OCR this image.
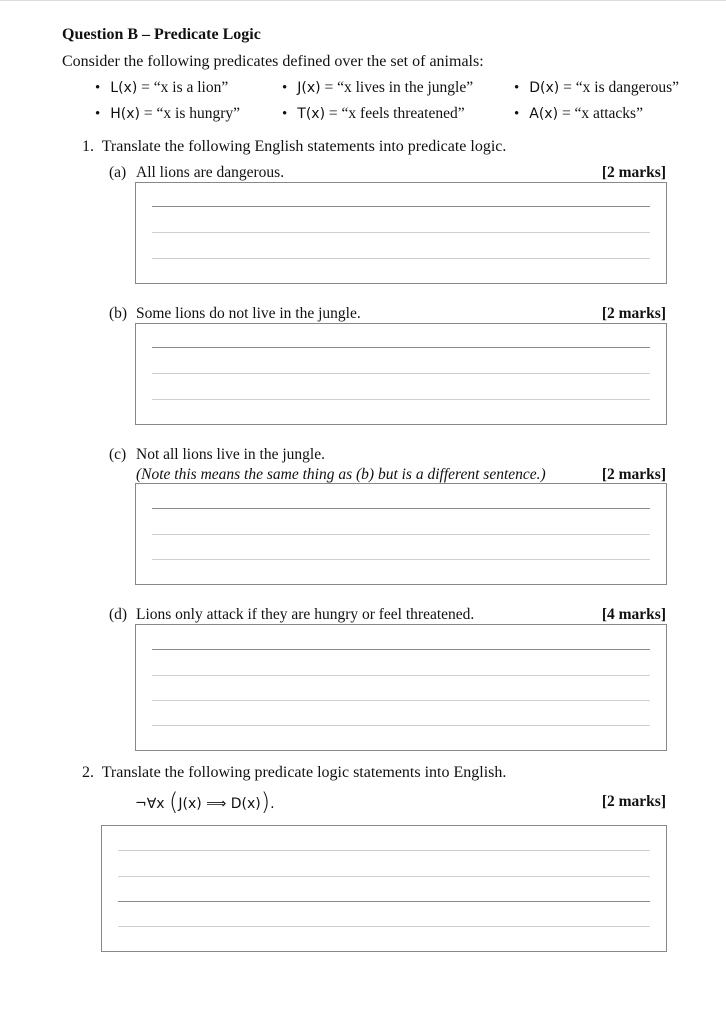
Question B – Predicate Logic
Consider the following predicates defined over the set of animals:
• L(x) = “x is a lion”	• J(x) = “x lives in the jungle”	• D(x) = “x is dangerous”
• H(x) = “x is hungry”	• T(x) = “x feels threatened”	• A(x) = “x attacks”
1. Translate the following English statements into predicate logic.
(a) All lions are dangerous.	[2 marks]
(b) Some lions do not live in the jungle.	[2 marks]
(c) Not all lions live in the jungle.
(Note this means the same thing as (b) but is a different sentence.)	[2 marks]
(d) Lions only attack if they are hungry or feel threatened.	[4 marks]
2. Translate the following predicate logic statements into English.
¬∀x (J(x) ⟹ D(x)).	[2 marks]
